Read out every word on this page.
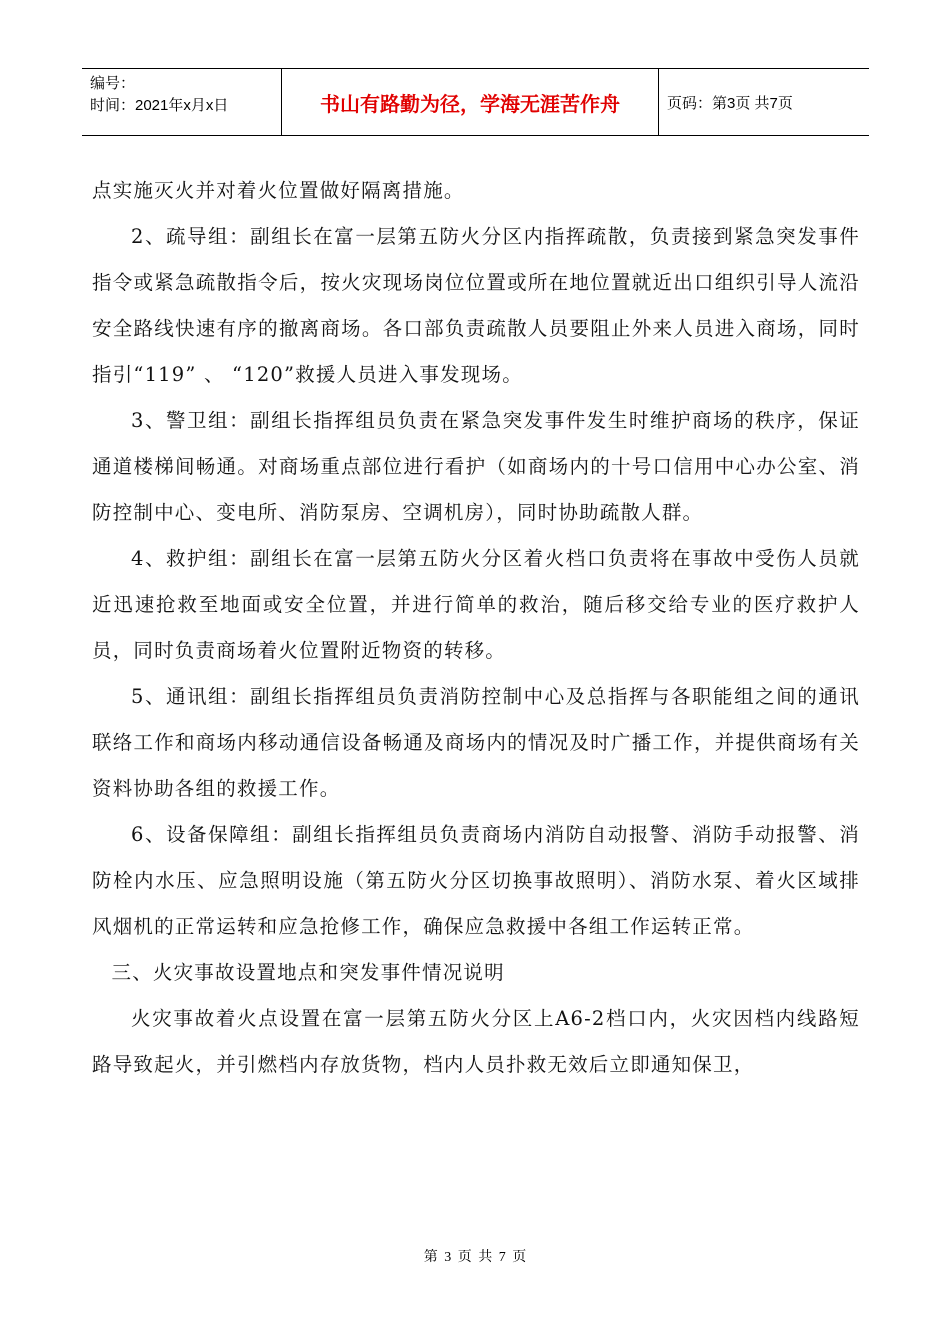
编号：
时间：2021年x月x日	书山有路勤为径，学海无涯苦作舟	页码：第3页 共7页

点实施灭火并对着火位置做好隔离措施。

2、疏导组：副组长在富一层第五防火分区内指挥疏散，负责接到紧急突发事件指令或紧急疏散指令后，按火灾现场岗位位置或所在地位置就近出口组织引导人流沿安全路线快速有序的撤离商场。各口部负责疏散人员要阻止外来人员进入商场，同时指引“119” 、 “120”救援人员进入事发现场。

3、警卫组：副组长指挥组员负责在紧急突发事件发生时维护商场的秩序，保证通道楼梯间畅通。对商场重点部位进行看护（如商场内的十号口信用中心办公室、消防控制中心、变电所、消防泵房、空调机房），同时协助疏散人群。

4、救护组：副组长在富一层第五防火分区着火档口负责将在事故中受伤人员就近迅速抢救至地面或安全位置，并进行简单的救治，随后移交给专业的医疗救护人员，同时负责商场着火位置附近物资的转移。

5、通讯组：副组长指挥组员负责消防控制中心及总指挥与各职能组之间的通讯联络工作和商场内移动通信设备畅通及商场内的情况及时广播工作，并提供商场有关资料协助各组的救援工作。

6、设备保障组：副组长指挥组员负责商场内消防自动报警、消防手动报警、消防栓内水压、应急照明设施（第五防火分区切换事故照明）、消防水泵、着火区域排风烟机的正常运转和应急抢修工作，确保应急救援中各组工作运转正常。

三、火灾事故设置地点和突发事件情况说明

火灾事故着火点设置在富一层第五防火分区上A6-2档口内，火灾因档内线路短路导致起火，并引燃档内存放货物，档内人员扑救无效后立即通知保卫，

第 3 页 共 7 页
